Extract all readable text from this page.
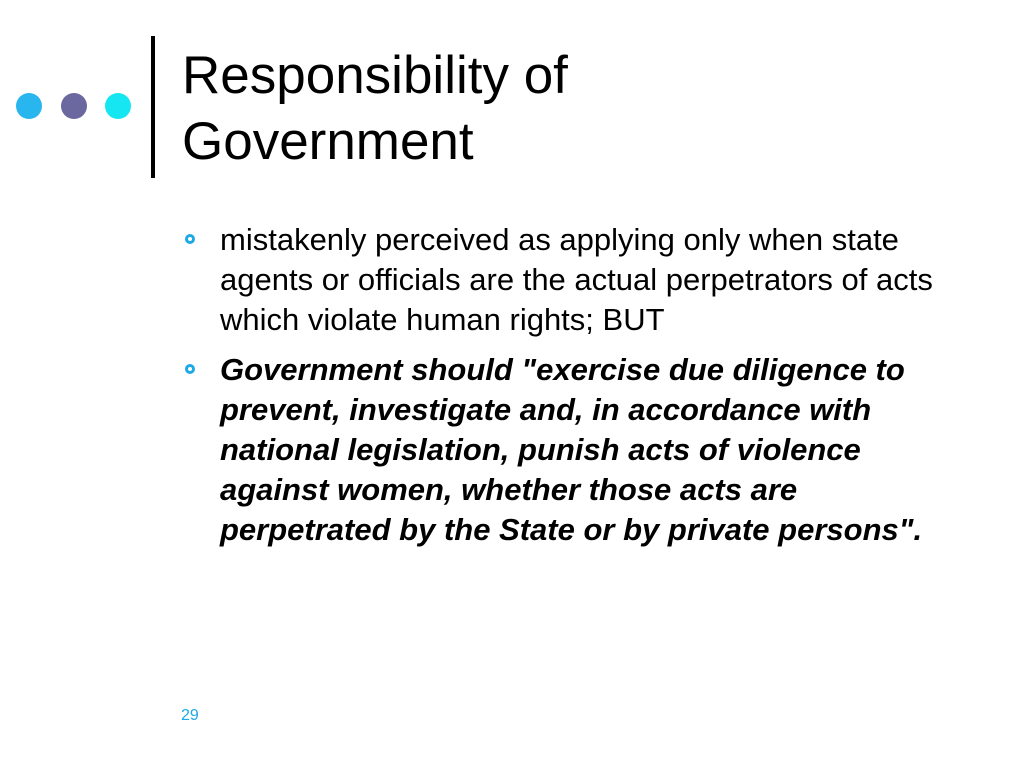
Responsibility of
Government
mistakenly perceived as applying only when state agents or officials are the actual perpetrators of acts which violate human rights; BUT
Government should "exercise due diligence to prevent, investigate and, in accordance with national legislation, punish acts of violence against women, whether those acts are perpetrated by the State or by private persons".
29
